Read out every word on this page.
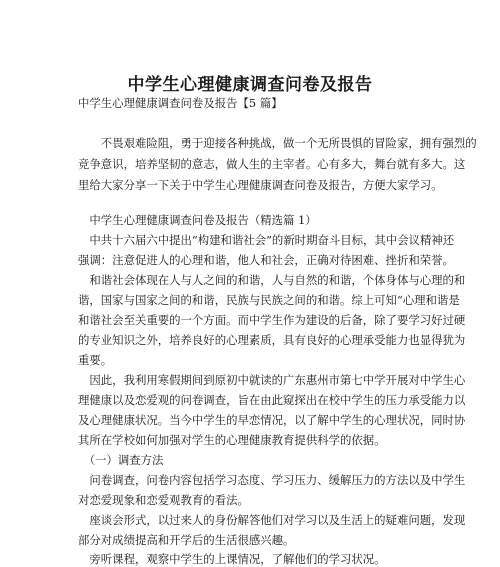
中学生心理健康调查问卷及报告
中学生心理健康调查问卷及报告【5 篇】
　　不畏艰难险阻，勇于迎接各种挑战，做一个无所畏惧的冒险家，拥有强烈的
竞争意识，培养坚韧的意志，做人生的主宰者。心有多大，舞台就有多大。这
里给大家分享一下关于中学生心理健康调查问卷及报告，方便大家学习。
　中学生心理健康调查问卷及报告（精选篇 1）
　中共十六届六中提出“构建和谐社会”的新时期奋斗目标，其中会议精神还
强调：注意促进人的心理和谐，他人和社会，正确对待困难、挫折和荣誉。
　和谐社会体现在人与人之间的和谐，人与自然的和谐，个体身体与心理的和
谐，国家与国家之间的和谐，民族与民族之间的和谐。综上可知“心理和谐是
和谐社会至关重要的一个方面。而中学生作为建设的后备，除了要学习好过硬
的专业知识之外，培养良好的心理素质，具有良好的心理承受能力也显得犹为
重要。
　因此，我利用寒假期间到原初中就读的广东惠州市第七中学开展对中学生心
理健康以及恋爱观的问卷调查，旨在由此窥探出在校中学生的压力承受能力以
及心理健康状况。当今中学生的早恋情况，以了解中学生的心理状况，同时协
其所在学校如何加强对学生的心理健康教育提供科学的依据。
　（一）调查方法
　问卷调查，问卷内容包括学习态度、学习压力、缓解压力的方法以及中学生
对恋爱现象和恋爱观教育的看法。
　座谈会形式，以过来人的身份解答他们对学习以及生活上的疑难问题，发现
部分对成绩提高和开学后的生活很感兴趣。
　旁听课程，观察中学生的上课情况，了解他们的学习状况。
